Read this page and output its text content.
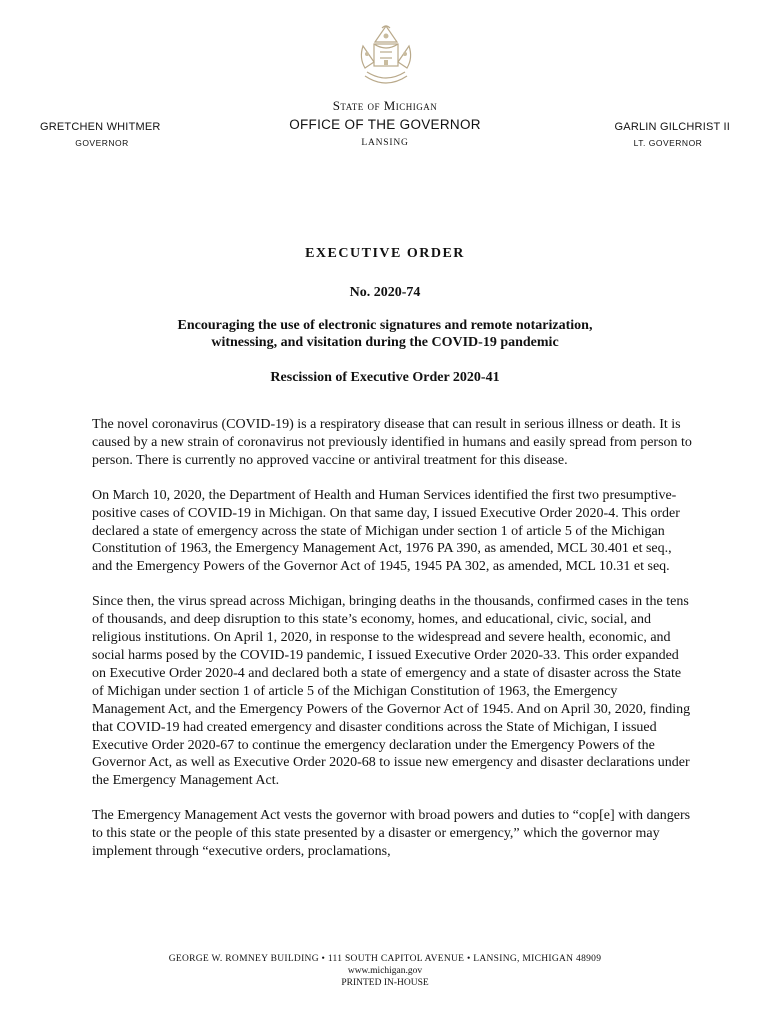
State of Michigan
OFFICE OF THE GOVERNOR
LANSING
GRETCHEN WHITMER
GOVERNOR
GARLIN GILCHRIST II
LT. GOVERNOR
EXECUTIVE ORDER
No. 2020-74
Encouraging the use of electronic signatures and remote notarization,
witnessing, and visitation during the COVID-19 pandemic
Rescission of Executive Order 2020-41

The novel coronavirus (COVID-19) is a respiratory disease that can result in serious illness or death. It is caused by a new strain of coronavirus not previously identified in humans and easily spread from person to person. There is currently no approved vaccine or antiviral treatment for this disease.

On March 10, 2020, the Department of Health and Human Services identified the first two presumptive-positive cases of COVID-19 in Michigan. On that same day, I issued Executive Order 2020-4. This order declared a state of emergency across the state of Michigan under section 1 of article 5 of the Michigan Constitution of 1963, the Emergency Management Act, 1976 PA 390, as amended, MCL 30.401 et seq., and the Emergency Powers of the Governor Act of 1945, 1945 PA 302, as amended, MCL 10.31 et seq.

Since then, the virus spread across Michigan, bringing deaths in the thousands, confirmed cases in the tens of thousands, and deep disruption to this state’s economy, homes, and educational, civic, social, and religious institutions. On April 1, 2020, in response to the widespread and severe health, economic, and social harms posed by the COVID-19 pandemic, I issued Executive Order 2020-33. This order expanded on Executive Order 2020-4 and declared both a state of emergency and a state of disaster across the State of Michigan under section 1 of article 5 of the Michigan Constitution of 1963, the Emergency Management Act, and the Emergency Powers of the Governor Act of 1945. And on April 30, 2020, finding that COVID-19 had created emergency and disaster conditions across the State of Michigan, I issued Executive Order 2020-67 to continue the emergency declaration under the Emergency Powers of the Governor Act, as well as Executive Order 2020-68 to issue new emergency and disaster declarations under the Emergency Management Act.

The Emergency Management Act vests the governor with broad powers and duties to “cop[e] with dangers to this state or the people of this state presented by a disaster or emergency,” which the governor may implement through “executive orders, proclamations,

GEORGE W. ROMNEY BUILDING • 111 SOUTH CAPITOL AVENUE • LANSING, MICHIGAN 48909
www.michigan.gov
PRINTED IN-HOUSE
